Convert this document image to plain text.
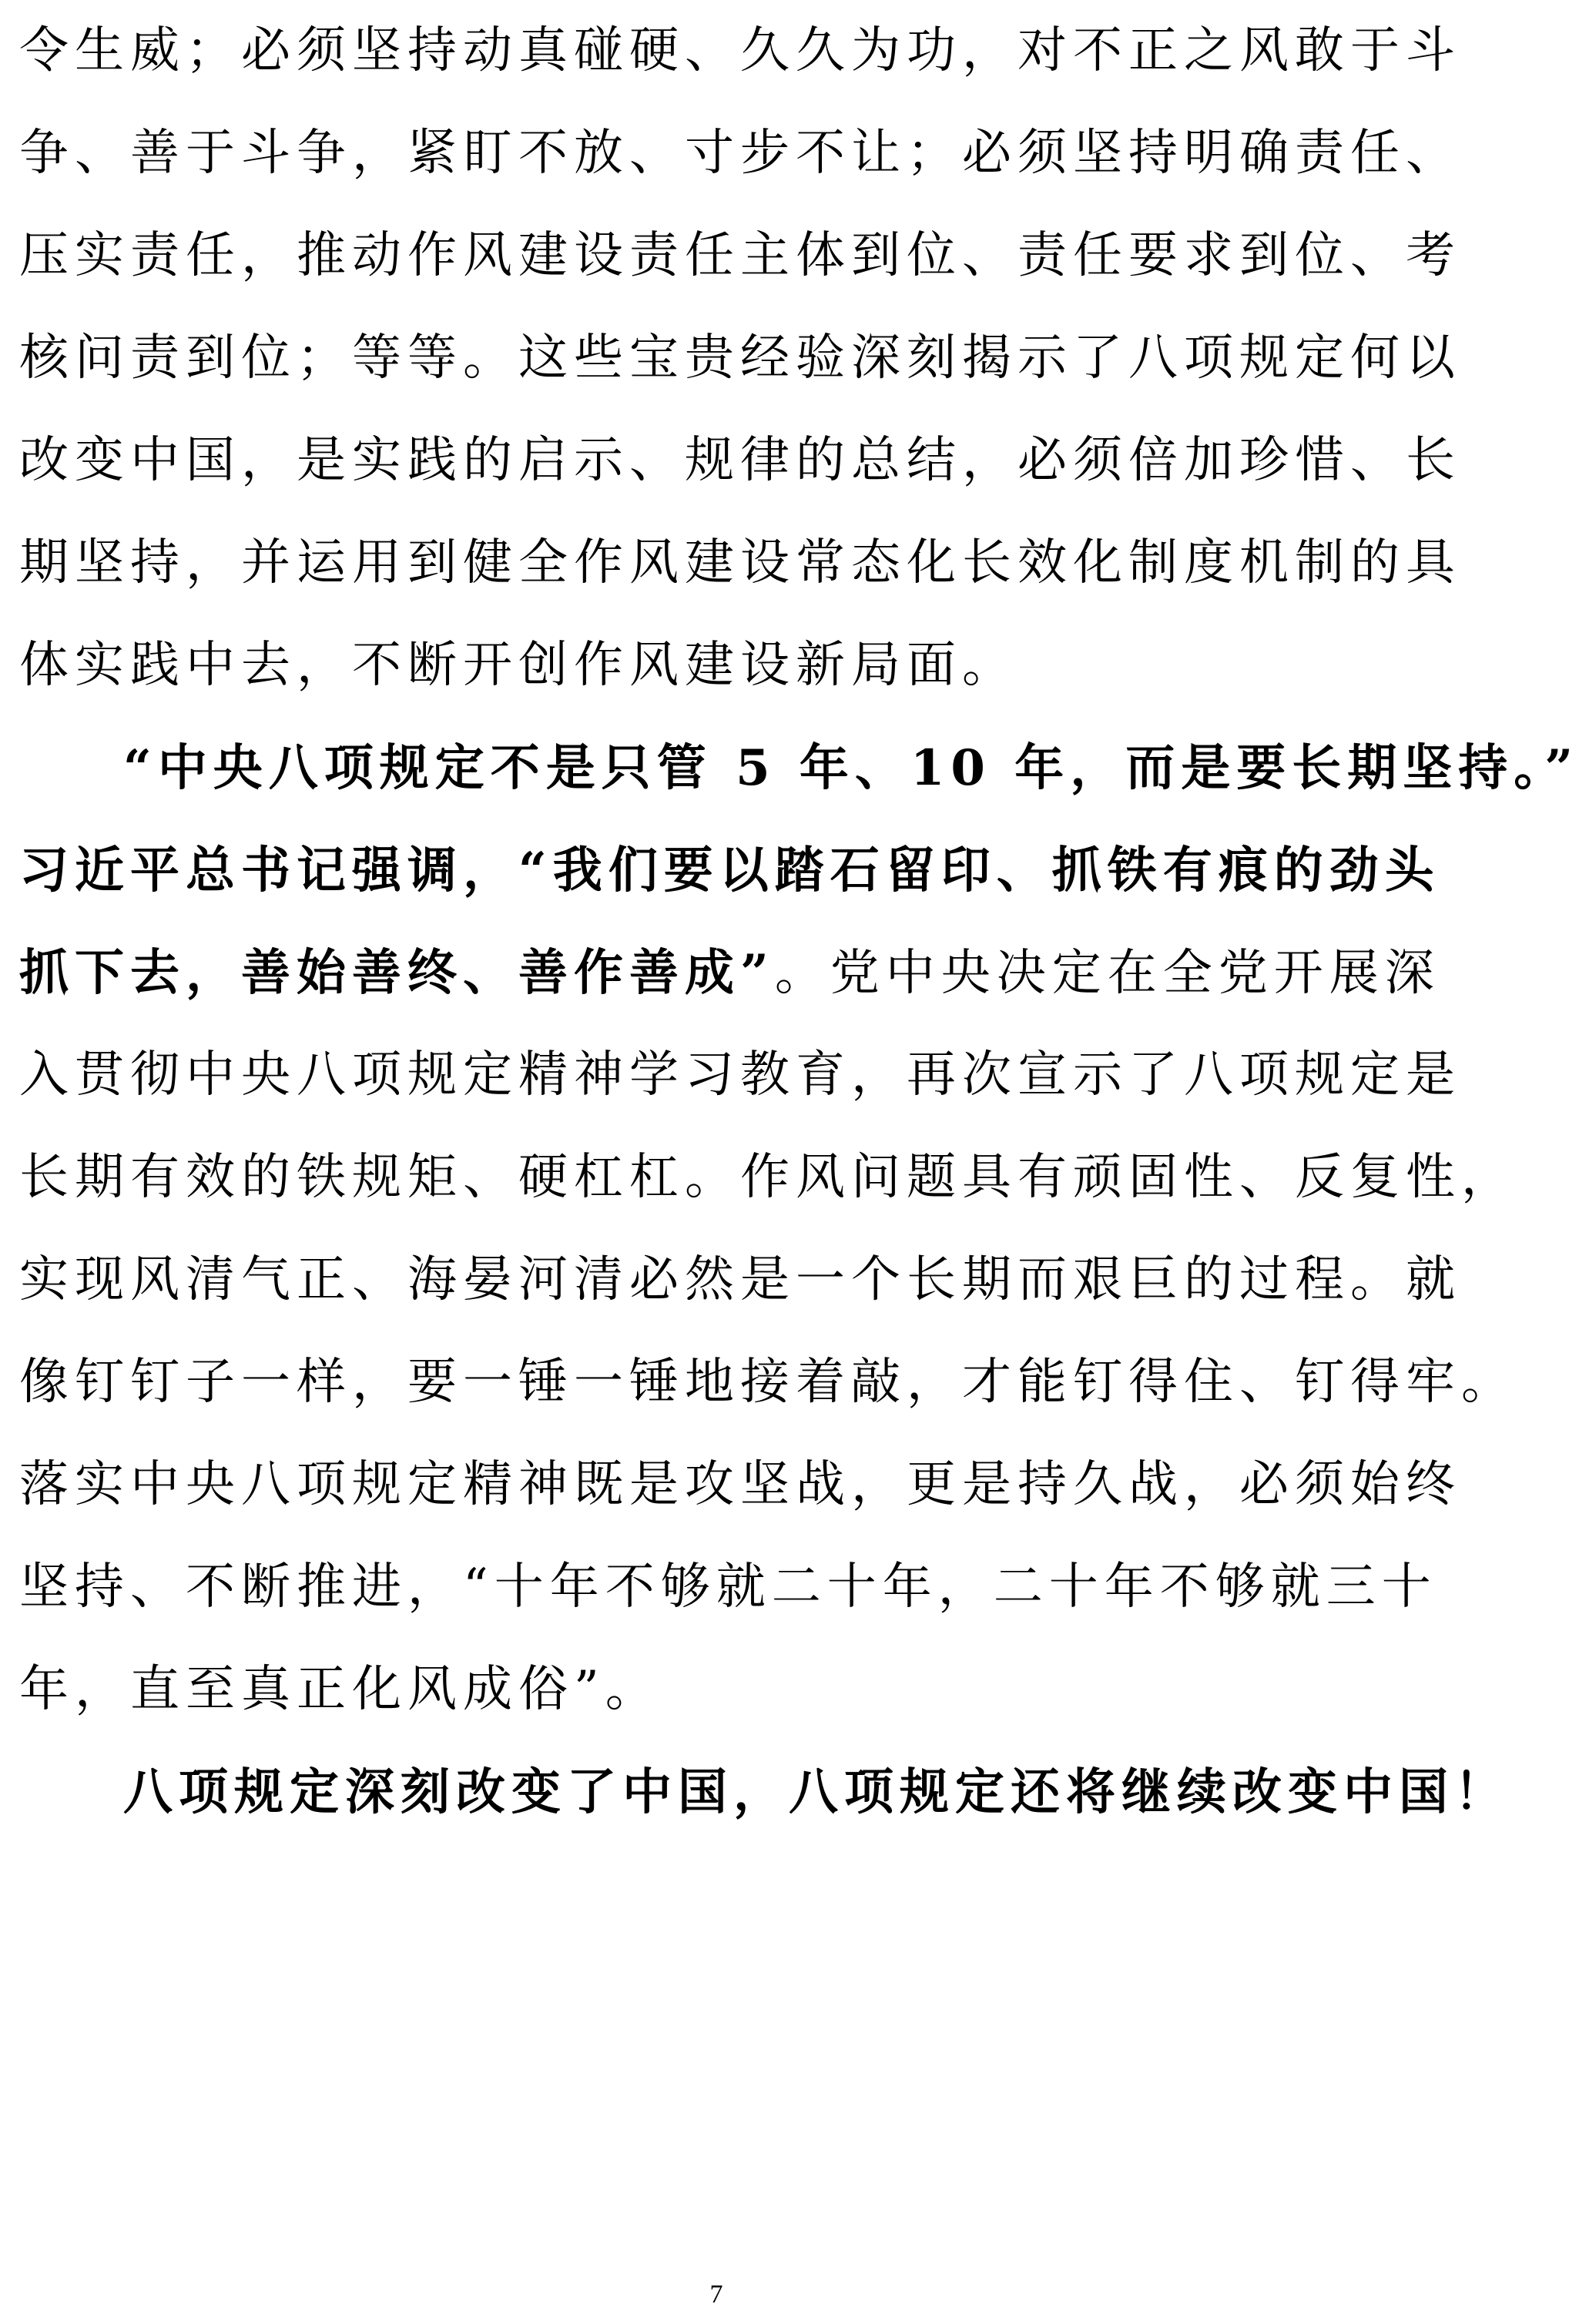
令生威；必须坚持动真碰硬、久久为功，对不正之风敢于斗
争、善于斗争，紧盯不放、寸步不让；必须坚持明确责任、
压实责任，推动作风建设责任主体到位、责任要求到位、考
核问责到位；等等。这些宝贵经验深刻揭示了八项规定何以
改变中国，是实践的启示、规律的总结，必须倍加珍惜、长
期坚持，并运用到健全作风建设常态化长效化制度机制的具
体实践中去，不断开创作风建设新局面。
“中央八项规定不是只管 5 年、10 年，而是要长期坚持。”
习近平总书记强调，“我们要以踏石留印、抓铁有痕的劲头
抓下去，善始善终、善作善成”。党中央决定在全党开展深
入贯彻中央八项规定精神学习教育，再次宣示了八项规定是
长期有效的铁规矩、硬杠杠。作风问题具有顽固性、反复性，
实现风清气正、海晏河清必然是一个长期而艰巨的过程。就
像钉钉子一样，要一锤一锤地接着敲，才能钉得住、钉得牢。
落实中央八项规定精神既是攻坚战，更是持久战，必须始终
坚持、不断推进，“十年不够就二十年，二十年不够就三十
年，直至真正化风成俗”。
八项规定深刻改变了中国，八项规定还将继续改变中国！
7
